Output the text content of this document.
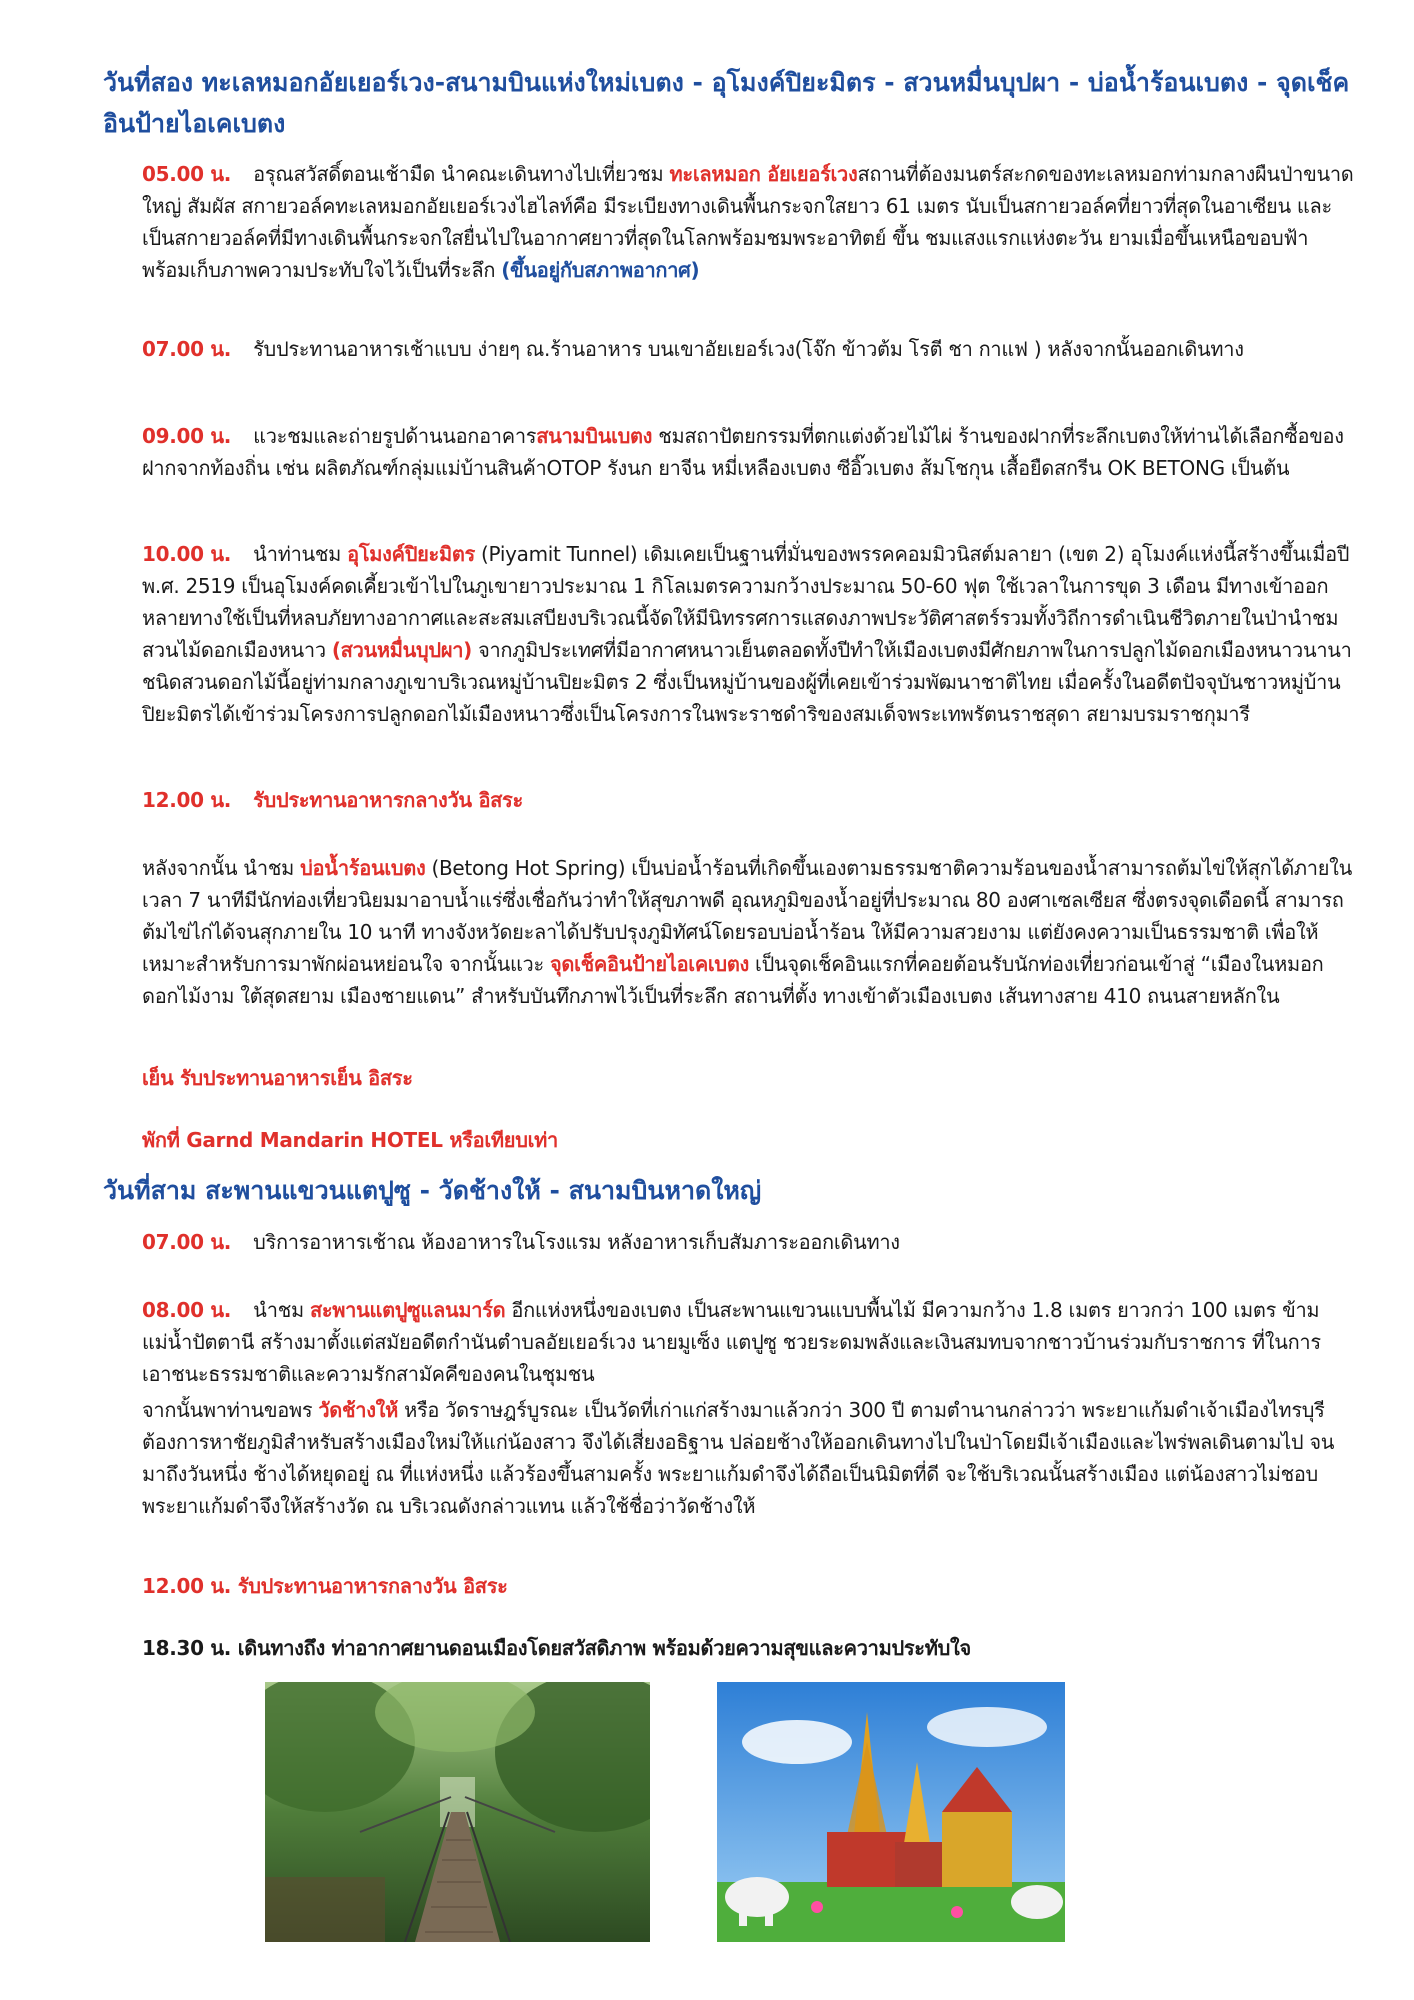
วันที่สอง ทะเลหมอกอัยเยอร์เวง-สนามบินแห่งใหม่เบตง - อุโมงค์ปิยะมิตร - สวนหมื่นบุปผา - บ่อน้ำร้อนเบตง - จุดเช็คอินป้ายไอเคเบตง

05.00 น. อรุณสวัสดิ์ตอนเช้ามืด นำคณะเดินทางไปเที่ยวชม ทะเลหมอก อัยเยอร์เวงสถานที่ต้องมนตร์สะกดของทะเลหมอกท่ามกลางผืนป่าขนาดใหญ่ สัมผัส สกายวอล์คทะเลหมอกอัยเยอร์เวงไฮไลท์คือ มีระเบียงทางเดินพื้นกระจกใสยาว 61 เมตร นับเป็นสกายวอล์คที่ยาวที่สุดในอาเซียน และเป็นสกายวอล์คที่มีทางเดินพื้นกระจกใสยื่นไปในอากาศยาวที่สุดในโลกพร้อมชมพระอาทิตย์ ขึ้น ชมแสงแรกแห่งตะวัน ยามเมื่อขึ้นเหนือขอบฟ้า พร้อมเก็บภาพความประทับใจไว้เป็นที่ระลึก (ขึ้นอยู่กับสภาพอากาศ)

07.00 น. รับประทานอาหารเช้าแบบ ง่ายๆ ณ.ร้านอาหาร บนเขาอัยเยอร์เวง(โจ๊ก ข้าวต้ม โรตี ชา กาแฟ ) หลังจากนั้นออกเดินทาง

09.00 น. แวะชมและถ่ายรูปด้านนอกอาคารสนามบินเบตง ชมสถาปัตยกรรมที่ตกแต่งด้วยไม้ไผ่ ร้านของฝากที่ระลึกเบตงให้ท่านได้เลือกซื้อของฝากจากท้องถิ่น เช่น ผลิตภัณฑ์กลุ่มแม่บ้านสินค้าOTOP รังนก ยาจีน หมี่เหลืองเบตง ซีอิ๊วเบตง ส้มโชกุน เสื้อยืดสกรีน OK BETONG เป็นต้น

10.00 น. นำท่านชม อุโมงค์ปิยะมิตร (Piyamit Tunnel) เดิมเคยเป็นฐานที่มั่นของพรรคคอมมิวนิสต์มลายา (เขต 2) อุโมงค์แห่งนี้สร้างขึ้นเมื่อปี พ.ศ. 2519 เป็นอุโมงค์คดเคี้ยวเข้าไปในภูเขายาวประมาณ 1 กิโลเมตรความกว้างประมาณ 50-60 ฟุต ใช้เวลาในการขุด 3 เดือน มีทางเข้าออกหลายทางใช้เป็นที่หลบภัยทางอากาศและสะสมเสบียงบริเวณนี้จัดให้มีนิทรรศการแสดงภาพประวัติศาสตร์รวมทั้งวิถีการดำเนินชีวิตภายในป่านำชม สวนไม้ดอกเมืองหนาว (สวนหมื่นบุปผา) จากภูมิประเทศที่มีอากาศหนาวเย็นตลอดทั้งปีทำให้เมืองเบตงมีศักยภาพในการปลูกไม้ดอกเมืองหนาวนานาชนิดสวนดอกไม้นี้อยู่ท่ามกลางภูเขาบริเวณหมู่บ้านปิยะมิตร 2 ซึ่งเป็นหมู่บ้านของผู้ที่เคยเข้าร่วมพัฒนาชาติไทย เมื่อครั้งในอดีตปัจจุบันชาวหมู่บ้านปิยะมิตรได้เข้าร่วมโครงการปลูกดอกไม้เมืองหนาวซึ่งเป็นโครงการในพระราชดำริของสมเด็จพระเทพรัตนราชสุดา สยามบรมราชกุมารี

12.00 น. รับประทานอาหารกลางวัน อิสระ

หลังจากนั้น นำชม บ่อน้ำร้อนเบตง (Betong Hot Spring) เป็นบ่อน้ำร้อนที่เกิดขึ้นเองตามธรรมชาติความร้อนของน้ำสามารถต้มไข่ให้สุกได้ภายในเวลา 7 นาทีมีนักท่องเที่ยวนิยมมาอาบน้ำแร่ซึ่งเชื่อกันว่าทำให้สุขภาพดี อุณหภูมิของน้ำอยู่ที่ประมาณ 80 องศาเซลเซียส ซึ่งตรงจุดเดือดนี้ สามารถต้มไข่ไก่ได้จนสุกภายใน 10 นาที ทางจังหวัดยะลาได้ปรับปรุงภูมิทัศน์โดยรอบบ่อน้ำร้อน ให้มีความสวยงาม แต่ยังคงความเป็นธรรมชาติ เพื่อให้เหมาะสำหรับการมาพักผ่อนหย่อนใจ จากนั้นแวะ จุดเช็คอินป้ายไอเคเบตง เป็นจุดเช็คอินแรกที่คอยต้อนรับนักท่องเที่ยวก่อนเข้าสู่ “เมืองในหมอก ดอกไม้งาม ใต้สุดสยาม เมืองชายแดน” สำหรับบันทึกภาพไว้เป็นที่ระลึก สถานที่ตั้ง ทางเข้าตัวเมืองเบตง เส้นทางสาย 410 ถนนสายหลักใน

เย็น รับประทานอาหารเย็น อิสระ

พักที่ Garnd Mandarin HOTEL หรือเทียบเท่า

วันที่สาม สะพานแขวนแตปูซู - วัดช้างให้ - สนามบินหาดใหญ่

07.00 น. บริการอาหารเช้าณ ห้องอาหารในโรงแรม หลังอาหารเก็บสัมภาระออกเดินทาง

08.00 น. นำชม สะพานแตปูซูแลนมาร์ด อีกแห่งหนึ่งของเบตง เป็นสะพานแขวนแบบพื้นไม้ มีความกว้าง 1.8 เมตร ยาวกว่า 100 เมตร ข้ามแม่น้ำปัตตานี สร้างมาตั้งแต่สมัยอดีตกำนันตำบลอัยเยอร์เวง นายมูเซ็ง แตปูซู ชวยระดมพลังและเงินสมทบจากชาวบ้านร่วมกับราชการ ที่ในการเอาชนะธรรมชาติและความรักสามัคคีของคนในชุมชน

จากนั้นพาท่านขอพร วัดช้างให้ หรือ วัดราษฎร์บูรณะ เป็นวัดที่เก่าแก่สร้างมาแล้วกว่า 300 ปี ตามตำนานกล่าวว่า พระยาแก้มดำเจ้าเมืองไทรบุรี ต้องการหาชัยภูมิสำหรับสร้างเมืองใหม่ให้แก่น้องสาว จึงได้เสี่ยงอธิฐาน ปล่อยช้างให้ออกเดินทางไปในป่าโดยมีเจ้าเมืองและไพร่พลเดินตามไป จนมาถึงวันหนึ่ง ช้างได้หยุดอยู่ ณ ที่แห่งหนึ่ง แล้วร้องขึ้นสามครั้ง พระยาแก้มดำจึงได้ถือเป็นนิมิตที่ดี จะใช้บริเวณนั้นสร้างเมือง แต่น้องสาวไม่ชอบ พระยาแก้มดำจึงให้สร้างวัด ณ บริเวณดังกล่าวแทน แล้วใช้ชื่อว่าวัดช้างให้

12.00 น. รับประทานอาหารกลางวัน อิสระ

18.30 น. เดินทางถึง ท่าอากาศยานดอนเมืองโดยสวัสดิภาพ พร้อมด้วยความสุขและความประทับใจ
